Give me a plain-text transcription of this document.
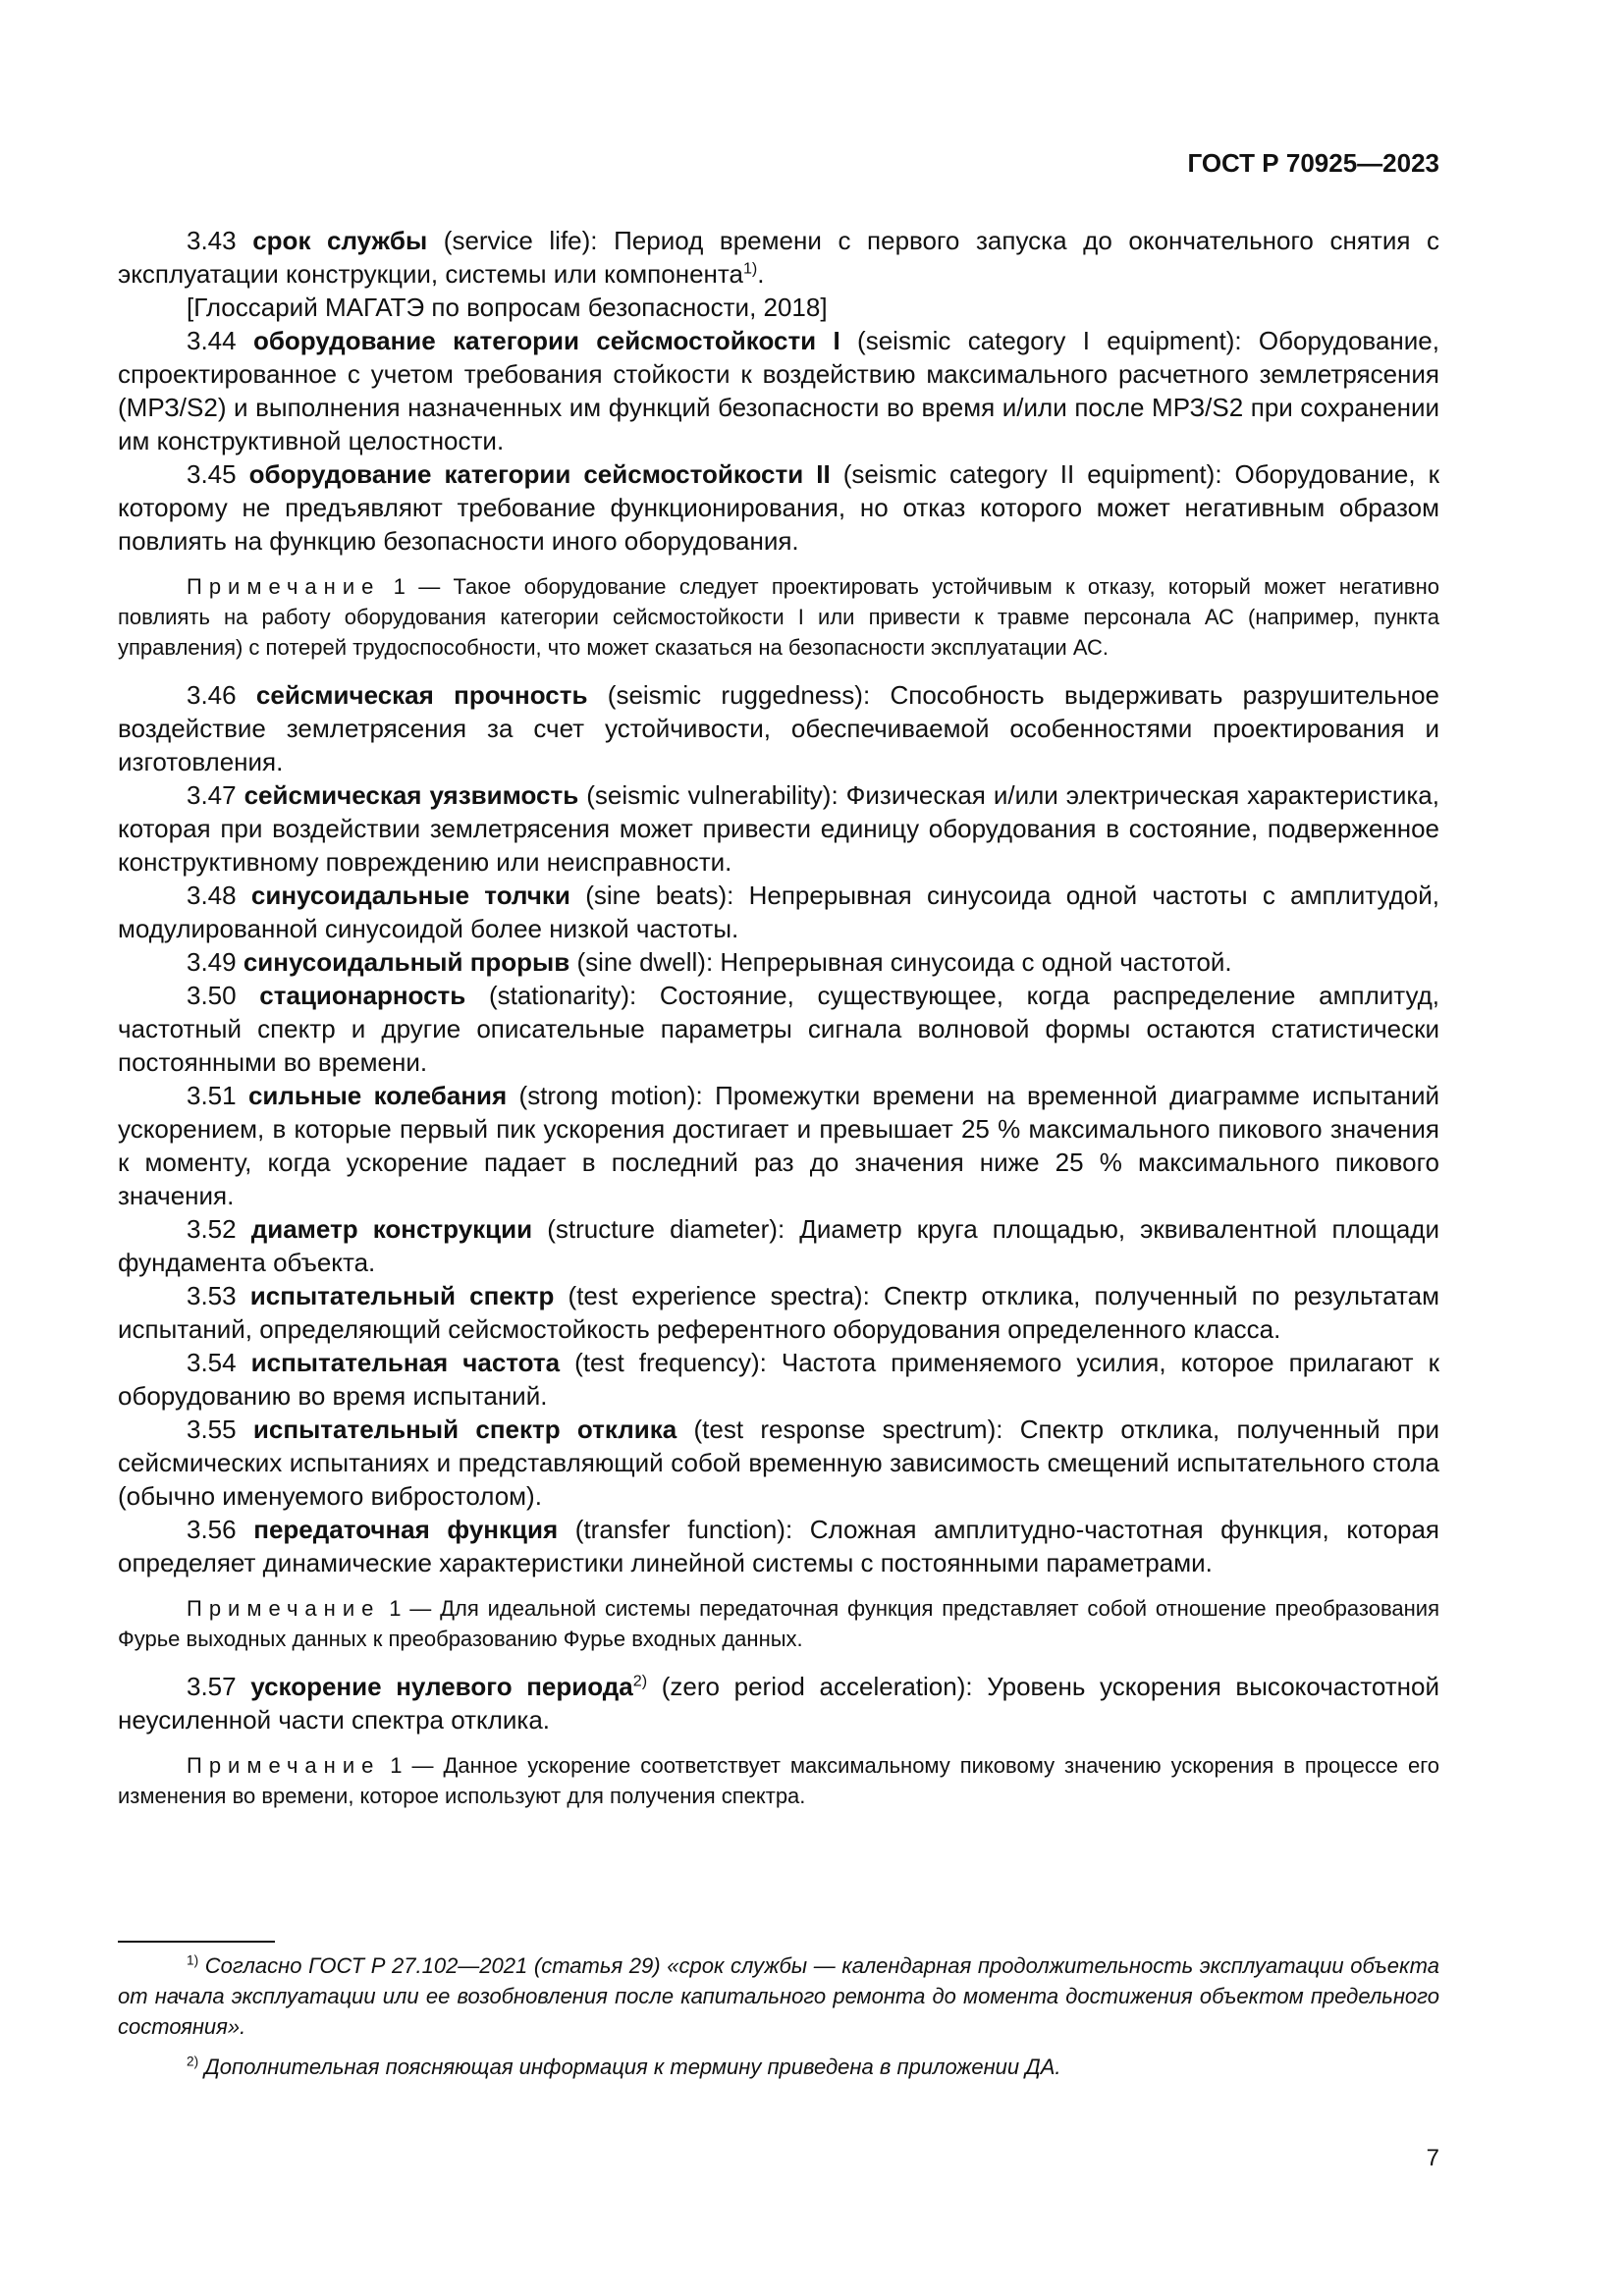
ГОСТ Р 70925—2023

3.43 срок службы (service life): Период времени с первого запуска до окончательного снятия с эксплуатации конструкции, системы или компонента$^{1)}$.

[Глоссарий МАГАТЭ по вопросам безопасности, 2018]

3.44 оборудование категории сейсмостойкости I (seismic category I equipment): Оборудование, спроектированное с учетом требования стойкости к воздействию максимального расчетного землетрясения (МРЗ/S2) и выполнения назначенных им функций безопасности во время и/или после МРЗ/S2 при сохранении им конструктивной целостности.

3.45 оборудование категории сейсмостойкости II (seismic category II equipment): Оборудование, к которому не предъявляют требование функционирования, но отказ которого может негативным образом повлиять на функцию безопасности иного оборудования.

Примечание 1 — Такое оборудование следует проектировать устойчивым к отказу, который может негативно повлиять на работу оборудования категории сейсмостойкости I или привести к травме персонала АС (например, пункта управления) с потерей трудоспособности, что может сказаться на безопасности эксплуатации АС.

3.46 сейсмическая прочность (seismic ruggedness): Способность выдерживать разрушительное воздействие землетрясения за счет устойчивости, обеспечиваемой особенностями проектирования и изготовления.

3.47 сейсмическая уязвимость (seismic vulnerability): Физическая и/или электрическая характеристика, которая при воздействии землетрясения может привести единицу оборудования в состояние, подверженное конструктивному повреждению или неисправности.

3.48 синусоидальные толчки (sine beats): Непрерывная синусоида одной частоты с амплитудой, модулированной синусоидой более низкой частоты.

3.49 синусоидальный прорыв (sine dwell): Непрерывная синусоида с одной частотой.

3.50 стационарность (stationarity): Состояние, существующее, когда распределение амплитуд, частотный спектр и другие описательные параметры сигнала волновой формы остаются статистически постоянными во времени.

3.51 сильные колебания (strong motion): Промежутки времени на временной диаграмме испытаний ускорением, в которые первый пик ускорения достигает и превышает 25 % максимального пикового значения к моменту, когда ускорение падает в последний раз до значения ниже 25 % максимального пикового значения.

3.52 диаметр конструкции (structure diameter): Диаметр круга площадью, эквивалентной площади фундамента объекта.

3.53 испытательный спектр (test experience spectra): Спектр отклика, полученный по результатам испытаний, определяющий сейсмостойкость референтного оборудования определенного класса.

3.54 испытательная частота (test frequency): Частота применяемого усилия, которое прилагают к оборудованию во время испытаний.

3.55 испытательный спектр отклика (test response spectrum): Спектр отклика, полученный при сейсмических испытаниях и представляющий собой временную зависимость смещений испытательного стола (обычно именуемого вибростолом).

3.56 передаточная функция (transfer function): Сложная амплитудно-частотная функция, которая определяет динамические характеристики линейной системы с постоянными параметрами.

Примечание 1 — Для идеальной системы передаточная функция представляет собой отношение преобразования Фурье выходных данных к преобразованию Фурье входных данных.

3.57 ускорение нулевого периода$^{2)}$ (zero period acceleration): Уровень ускорения высокочастотной неусиленной части спектра отклика.

Примечание 1 — Данное ускорение соответствует максимальному пиковому значению ускорения в процессе его изменения во времени, которое используют для получения спектра.

$^{1)}$ Согласно ГОСТ Р 27.102—2021 (статья 29) «срок службы — календарная продолжительность эксплуатации объекта от начала эксплуатации или ее возобновления после капитального ремонта до момента достижения объектом предельного состояния».

$^{2)}$ Дополнительная поясняющая информация к термину приведена в приложении ДА.

7
